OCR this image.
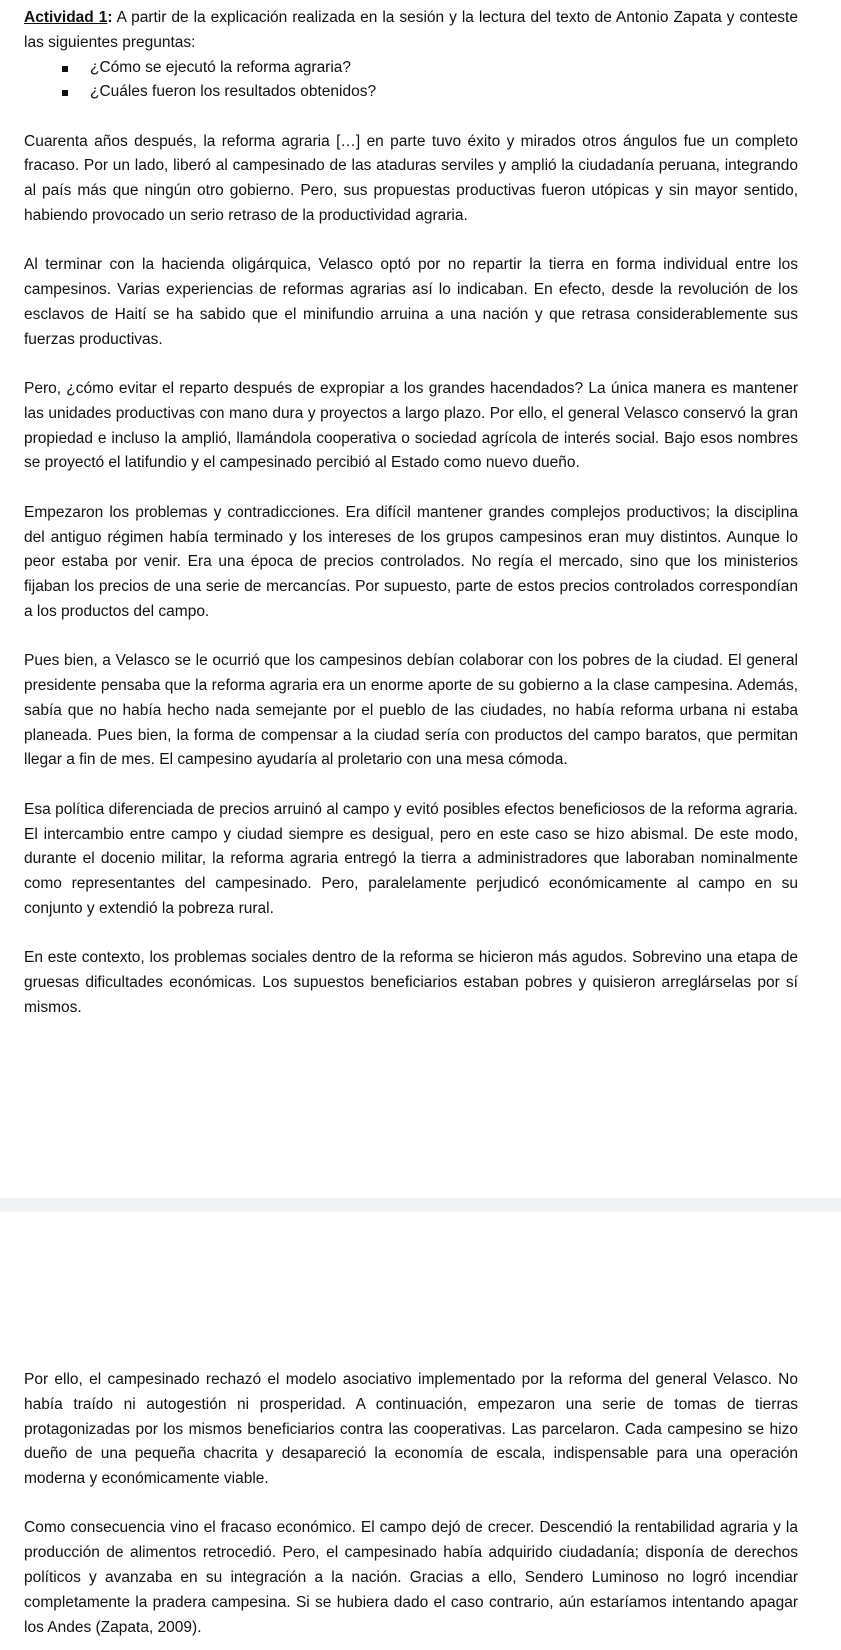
Actividad 1: A partir de la explicación realizada en la sesión y la lectura del texto de Antonio Zapata y conteste las siguientes preguntas:

¿Cómo se ejecutó la reforma agraria?
¿Cuáles fueron los resultados obtenidos?

Cuarenta años después, la reforma agraria […] en parte tuvo éxito y mirados otros ángulos fue un completo fracaso. Por un lado, liberó al campesinado de las ataduras serviles y amplió la ciudadanía peruana, integrando al país más que ningún otro gobierno. Pero, sus propuestas productivas fueron utópicas y sin mayor sentido, habiendo provocado un serio retraso de la productividad agraria.

Al terminar con la hacienda oligárquica, Velasco optó por no repartir la tierra en forma individual entre los campesinos. Varias experiencias de reformas agrarias así lo indicaban. En efecto, desde la revolución de los esclavos de Haití se ha sabido que el minifundio arruina a una nación y que retrasa considerablemente sus fuerzas productivas.

Pero, ¿cómo evitar el reparto después de expropiar a los grandes hacendados? La única manera es mantener las unidades productivas con mano dura y proyectos a largo plazo. Por ello, el general Velasco conservó la gran propiedad e incluso la amplió, llamándola cooperativa o sociedad agrícola de interés social. Bajo esos nombres se proyectó el latifundio y el campesinado percibió al Estado como nuevo dueño.

Empezaron los problemas y contradicciones. Era difícil mantener grandes complejos productivos; la disciplina del antiguo régimen había terminado y los intereses de los grupos campesinos eran muy distintos. Aunque lo peor estaba por venir. Era una época de precios controlados. No regía el mercado, sino que los ministerios fijaban los precios de una serie de mercancías. Por supuesto, parte de estos precios controlados correspondían a los productos del campo.

Pues bien, a Velasco se le ocurrió que los campesinos debían colaborar con los pobres de la ciudad. El general presidente pensaba que la reforma agraria era un enorme aporte de su gobierno a la clase campesina. Además, sabía que no había hecho nada semejante por el pueblo de las ciudades, no había reforma urbana ni estaba planeada. Pues bien, la forma de compensar a la ciudad sería con productos del campo baratos, que permitan llegar a fin de mes. El campesino ayudaría al proletario con una mesa cómoda.

Esa política diferenciada de precios arruinó al campo y evitó posibles efectos beneficiosos de la reforma agraria. El intercambio entre campo y ciudad siempre es desigual, pero en este caso se hizo abismal. De este modo, durante el docenio militar, la reforma agraria entregó la tierra a administradores que laboraban nominalmente como representantes del campesinado. Pero, paralelamente perjudicó económicamente al campo en su conjunto y extendió la pobreza rural.

En este contexto, los problemas sociales dentro de la reforma se hicieron más agudos. Sobrevino una etapa de gruesas dificultades económicas. Los supuestos beneficiarios estaban pobres y quisieron arreglárselas por sí mismos.

Por ello, el campesinado rechazó el modelo asociativo implementado por la reforma del general Velasco. No había traído ni autogestión ni prosperidad. A continuación, empezaron una serie de tomas de tierras protagonizadas por los mismos beneficiarios contra las cooperativas. Las parcelaron. Cada campesino se hizo dueño de una pequeña chacrita y desapareció la economía de escala, indispensable para una operación moderna y económicamente viable.

Como consecuencia vino el fracaso económico. El campo dejó de crecer. Descendió la rentabilidad agraria y la producción de alimentos retrocedió. Pero, el campesinado había adquirido ciudadanía; disponía de derechos políticos y avanzaba en su integración a la nación. Gracias a ello, Sendero Luminoso no logró incendiar completamente la pradera campesina. Si se hubiera dado el caso contrario, aún estaríamos intentando apagar los Andes (Zapata, 2009).
